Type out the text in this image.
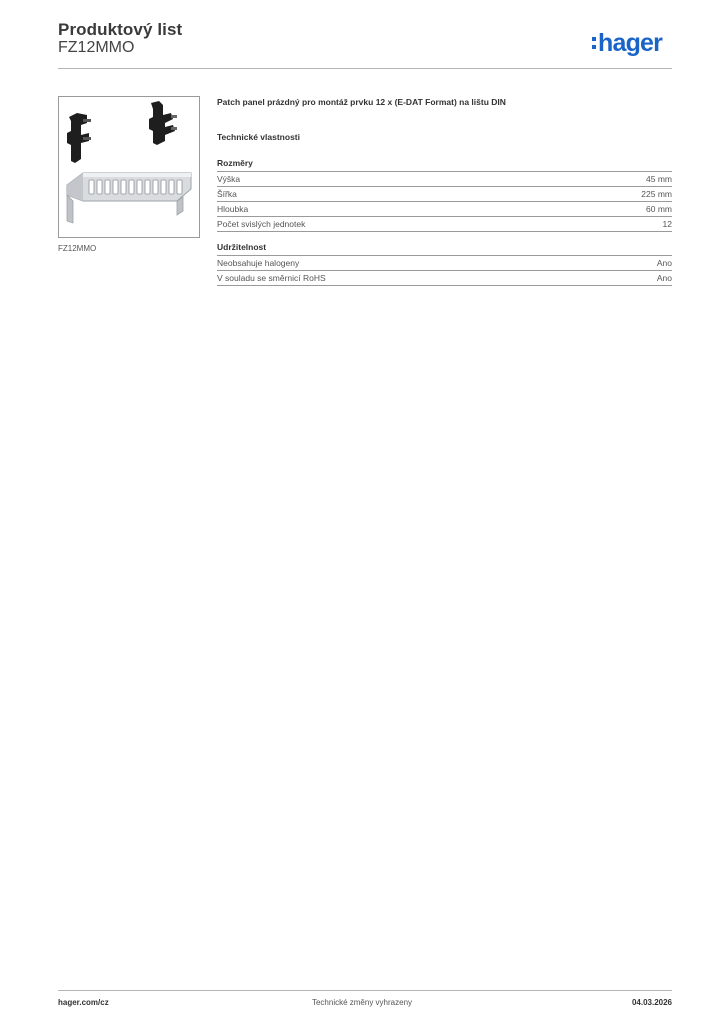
Produktový list
FZ12MMO	hager
FZ12MMO
Patch panel prázdný pro montáž prvku 12 x (E-DAT Format) na lištu DIN
Technické vlastnosti
Rozměry
Výška	45 mm
Šířka	225 mm
Hloubka	60 mm
Počet svislých jednotek	12
Udržitelnost
Neobsahuje halogeny	Ano
V souladu se směrnicí RoHS	Ano
hager.com/cz	Technické změny vyhrazeny	04.03.2026
